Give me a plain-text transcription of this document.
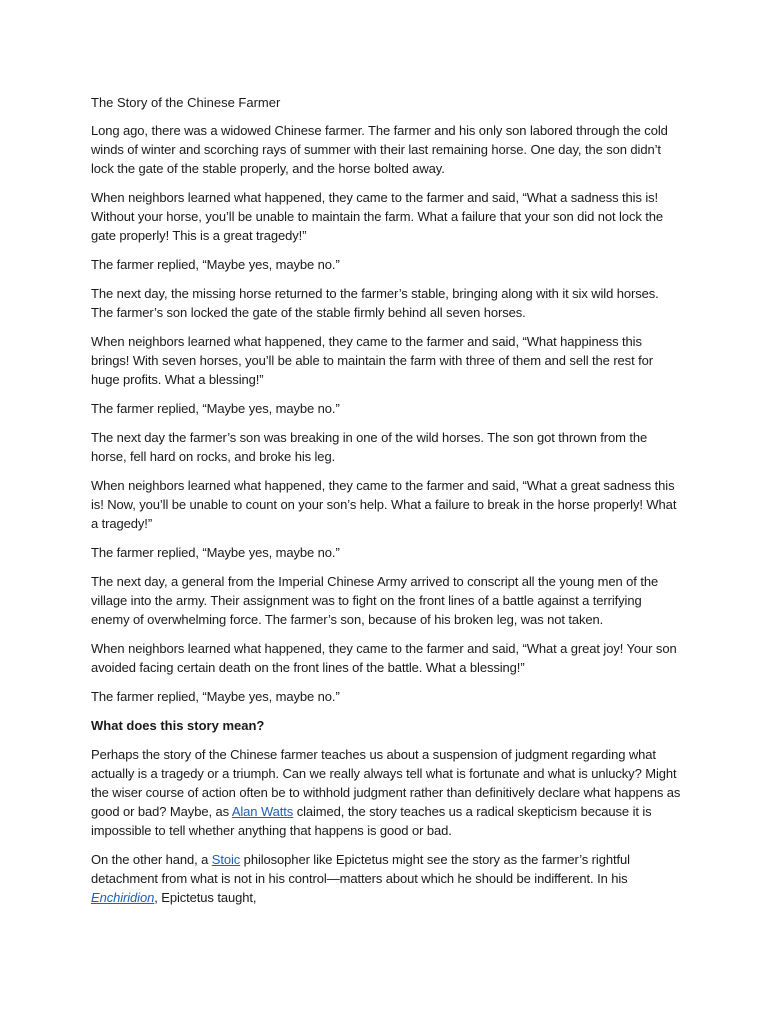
The Story of the Chinese Farmer

Long ago, there was a widowed Chinese farmer. The farmer and his only son labored through the cold winds of winter and scorching rays of summer with their last remaining horse. One day, the son didn’t lock the gate of the stable properly, and the horse bolted away.

When neighbors learned what happened, they came to the farmer and said, “What a sadness this is! Without your horse, you’ll be unable to maintain the farm. What a failure that your son did not lock the gate properly! This is a great tragedy!”

The farmer replied, “Maybe yes, maybe no.”

The next day, the missing horse returned to the farmer’s stable, bringing along with it six wild horses. The farmer’s son locked the gate of the stable firmly behind all seven horses.

When neighbors learned what happened, they came to the farmer and said, “What happiness this brings! With seven horses, you’ll be able to maintain the farm with three of them and sell the rest for huge profits. What a blessing!”

The farmer replied, “Maybe yes, maybe no.”

The next day the farmer’s son was breaking in one of the wild horses. The son got thrown from the horse, fell hard on rocks, and broke his leg.

When neighbors learned what happened, they came to the farmer and said, “What a great sadness this is! Now, you’ll be unable to count on your son’s help. What a failure to break in the horse properly! What a tragedy!”

The farmer replied, “Maybe yes, maybe no.”

The next day, a general from the Imperial Chinese Army arrived to conscript all the young men of the village into the army. Their assignment was to fight on the front lines of a battle against a terrifying enemy of overwhelming force. The farmer’s son, because of his broken leg, was not taken.

When neighbors learned what happened, they came to the farmer and said, “What a great joy! Your son avoided facing certain death on the front lines of the battle. What a blessing!”

The farmer replied, “Maybe yes, maybe no.”

What does this story mean?

Perhaps the story of the Chinese farmer teaches us about a suspension of judgment regarding what actually is a tragedy or a triumph. Can we really always tell what is fortunate and what is unlucky? Might the wiser course of action often be to withhold judgment rather than definitively declare what happens as good or bad? Maybe, as Alan Watts claimed, the story teaches us a radical skepticism because it is impossible to tell whether anything that happens is good or bad.

On the other hand, a Stoic philosopher like Epictetus might see the story as the farmer’s rightful detachment from what is not in his control—matters about which he should be indifferent. In his Enchiridion, Epictetus taught,
